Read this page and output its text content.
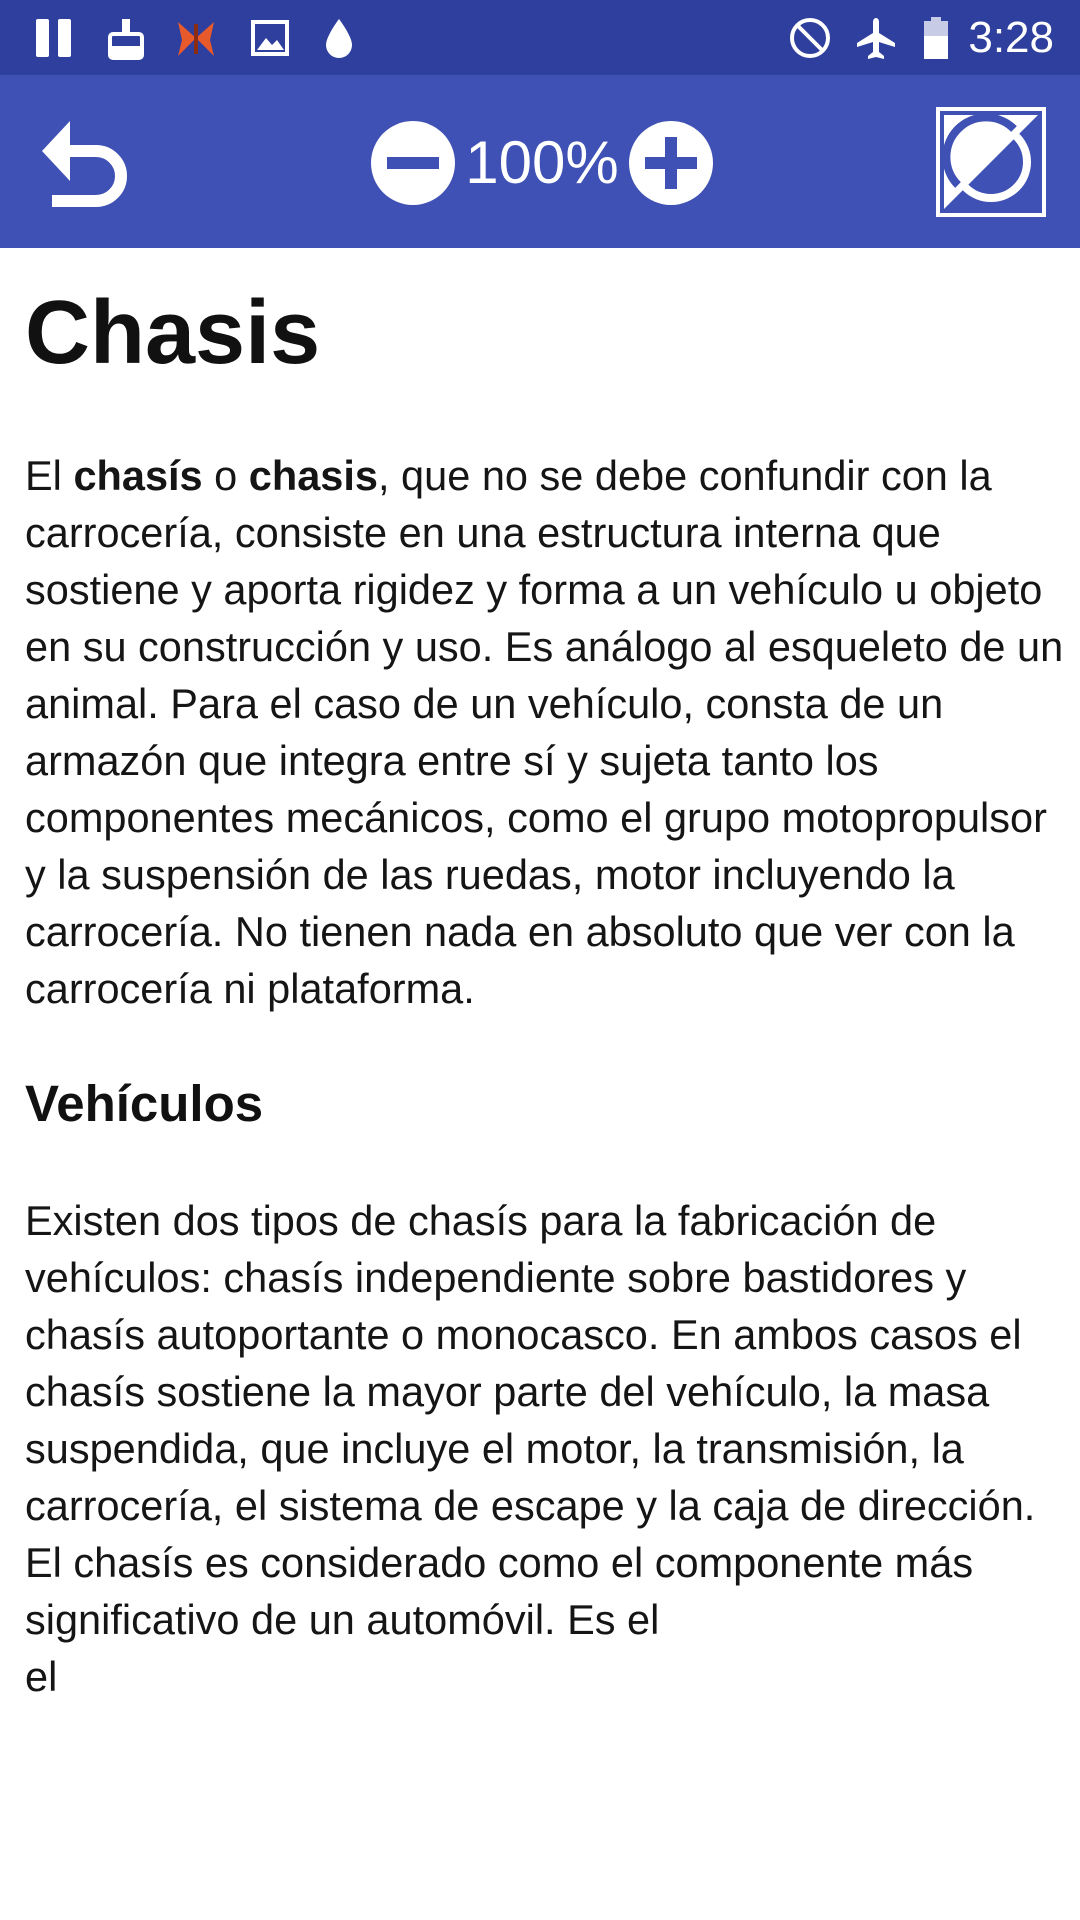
3:28
100%
Chasis

El chasís o chasis, que no se debe confundir con la carrocería, consiste en una estructura interna que sostiene y aporta rigidez y forma a un vehículo u objeto en su construcción y uso. Es análogo al esqueleto de un animal. Para el caso de un vehículo, consta de un armazón que integra entre sí y sujeta tanto los componentes mecánicos, como el grupo motopropulsor y la suspensión de las ruedas, motor incluyendo la carrocería. No tienen nada en absoluto que ver con la carrocería ni plataforma.

Vehículos

Existen dos tipos de chasís para la fabricación de vehículos: chasís independiente sobre bastidores y chasís autoportante o monocasco. En ambos casos el chasís sostiene la mayor parte del vehículo, la masa suspendida, que incluye el motor, la transmisión, la carrocería, el sistema de escape y la caja de dirección. El chasís es considerado como el componente más significativo de un automóvil. Es el
el
